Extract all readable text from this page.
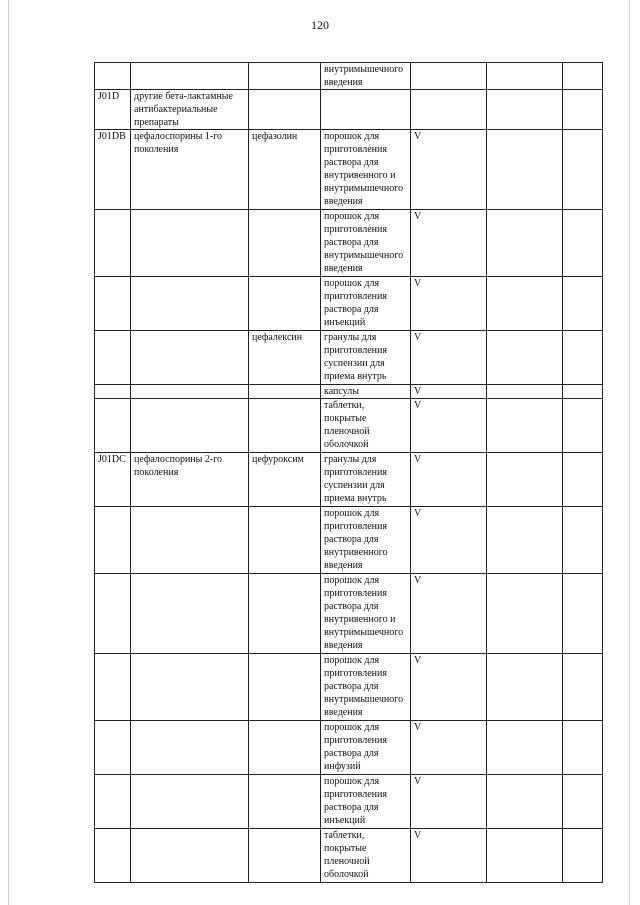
120
			внутримышечного введения			
J01D	другие бета-лактамные антибактериальные препараты					
J01DB	цефалоспорины 1-го поколения	цефазолин	порошок для приготовления раствора для внутривенного и внутримышечного введения	V		
			порошок для приготовления раствора для внутримышечного введения	V		
			порошок для приготовления раствора для инъекций	V		
		цефалексин	гранулы для приготовления суспензии для приема внутрь	V		
			капсулы	V		
			таблетки, покрытые пленочной оболочкой	V		
J01DC	цефалоспорины 2-го поколения	цефуроксим	гранулы для приготовления суспензии для приема внутрь	V		
			порошок для приготовления раствора для внутривенного введения	V		
			порошок для приготовления раствора для внутривенного и внутримышечного введения	V		
			порошок для приготовления раствора для внутримышечного введения	V		
			порошок для приготовления раствора для инфузий	V		
			порошок для приготовления раствора для инъекций	V		
			таблетки, покрытые пленочной оболочкой	V		
